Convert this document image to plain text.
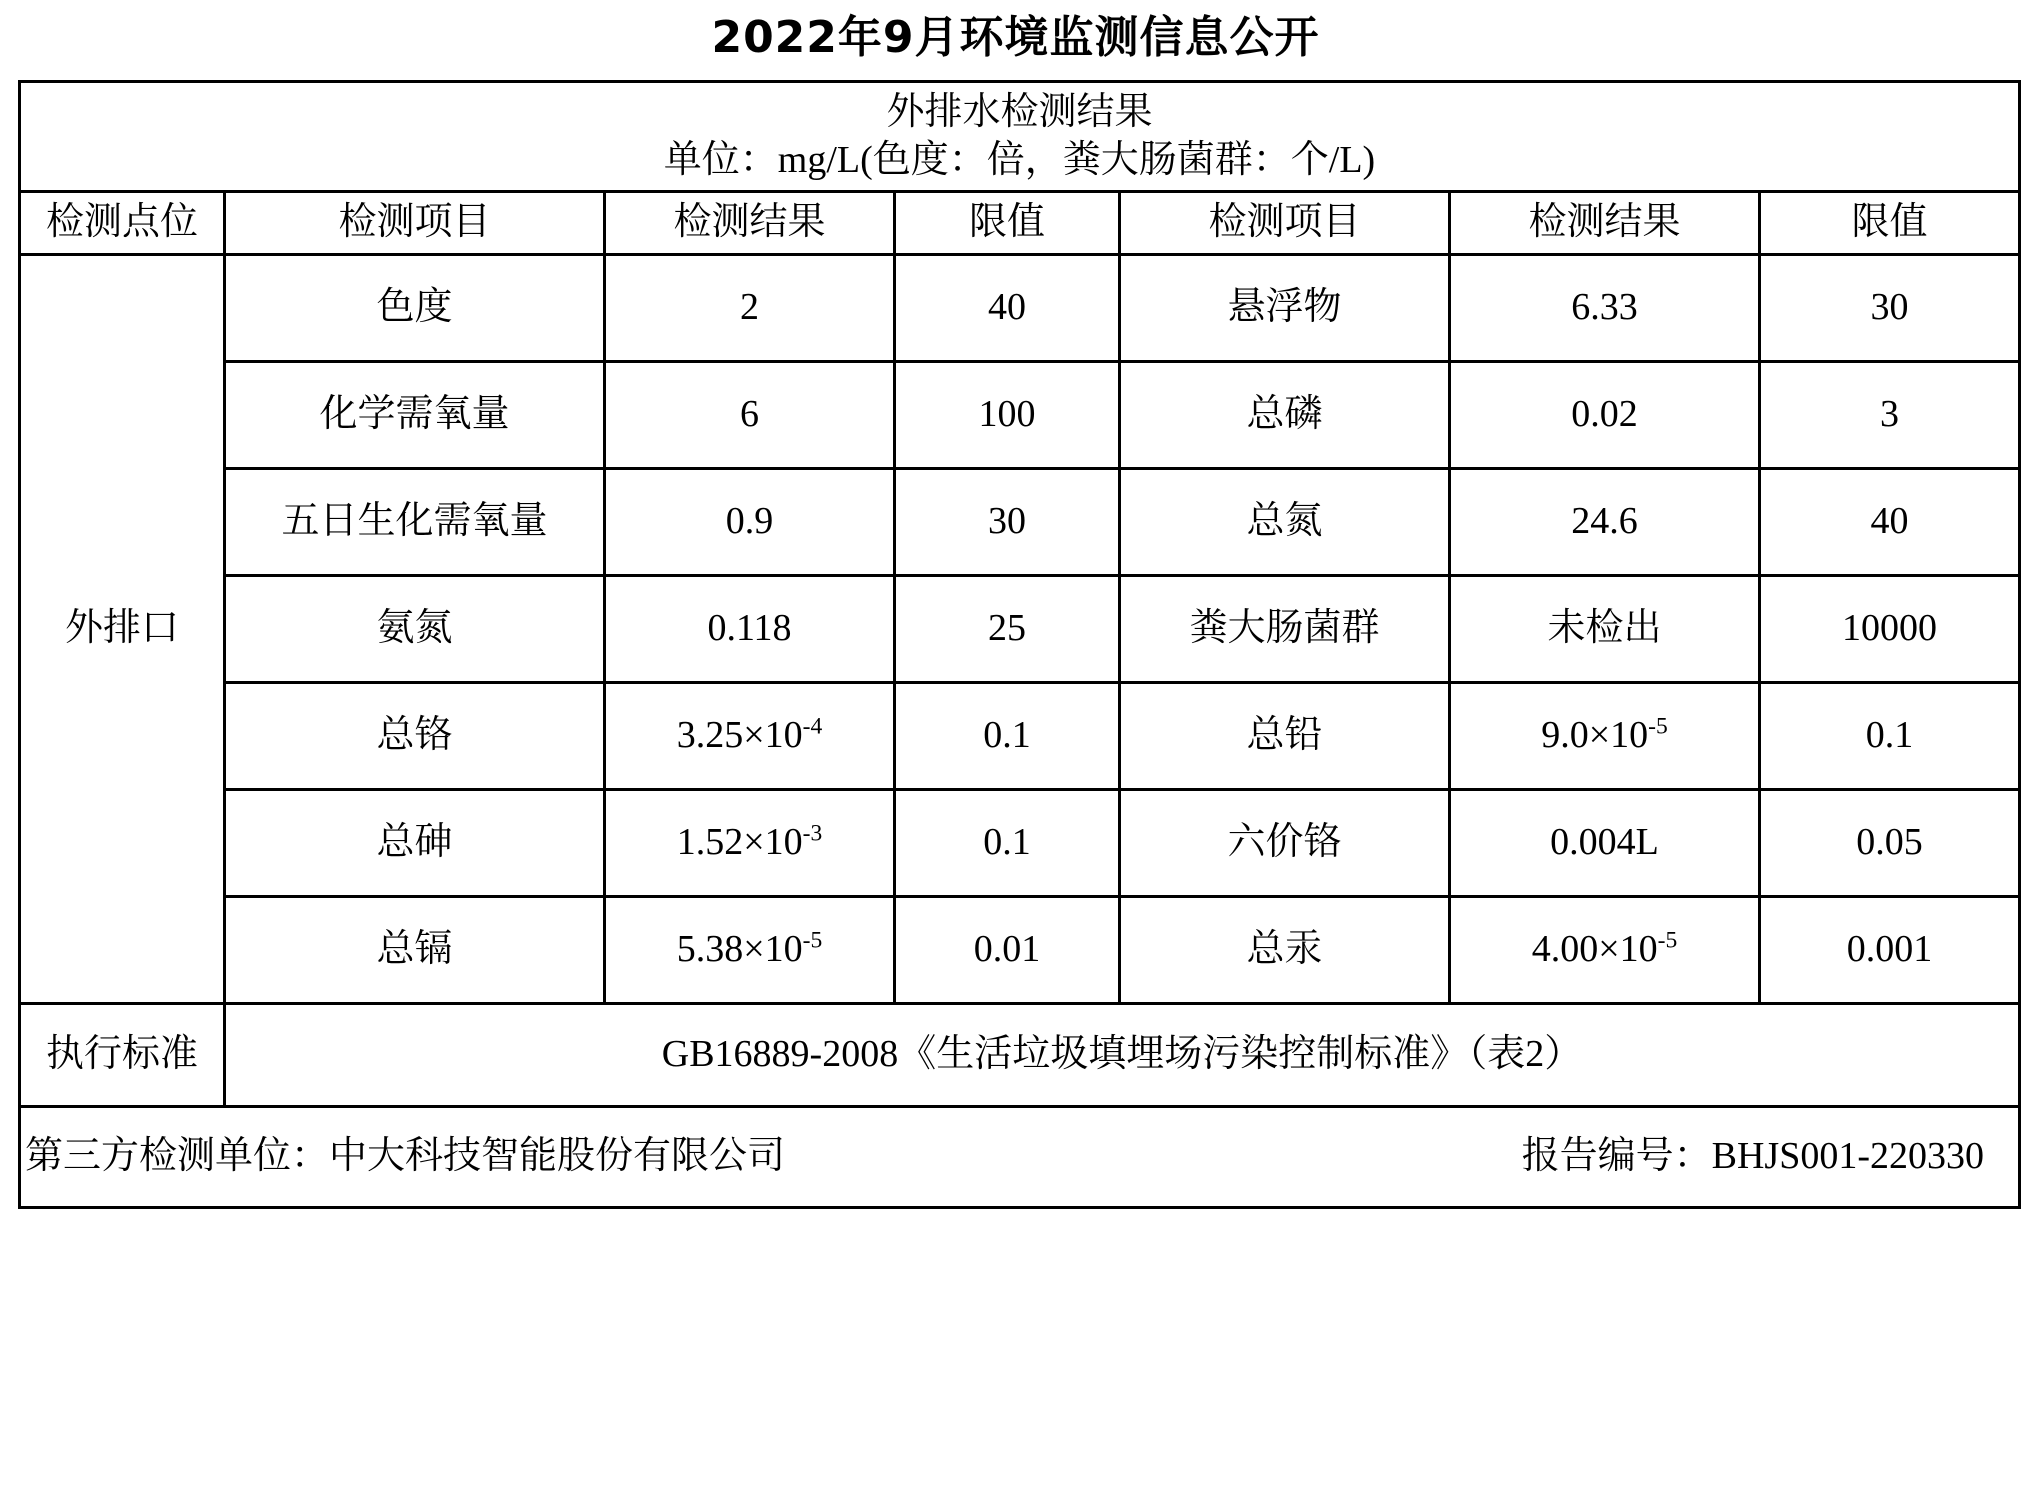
2022年9月环境监测信息公开
外排水检测结果
单位：mg/L(色度：倍，粪大肠菌群：个/L)						

检测点位	检测项目	检测结果	限值	检测项目	检测结果	限值
外排口	色度	2	40	悬浮物	6.33	30
	化学需氧量	6	100	总磷	0.02	3
	五日生化需氧量	0.9	30	总氮	24.6	40
	氨氮	0.118	25	粪大肠菌群	未检出	10000
	总铬	$3.25\times 10^{-4}$	0.1	总铅	$9.0\times 10^{-5}$	0.1
	总砷	$1.52\times 10^{-3}$	0.1	六价铬	0.004L	0.05
	总镉	$5.38\times 10^{-5}$	0.01	总汞	$4.00\times 10^{-5}$	0.001
执行标准	GB16889-2008《生活垃圾填埋场污染控制标准》（表2）					

第三方检测单位：中大科技智能股份有限公司 报告编号：BHJS001-220330						
